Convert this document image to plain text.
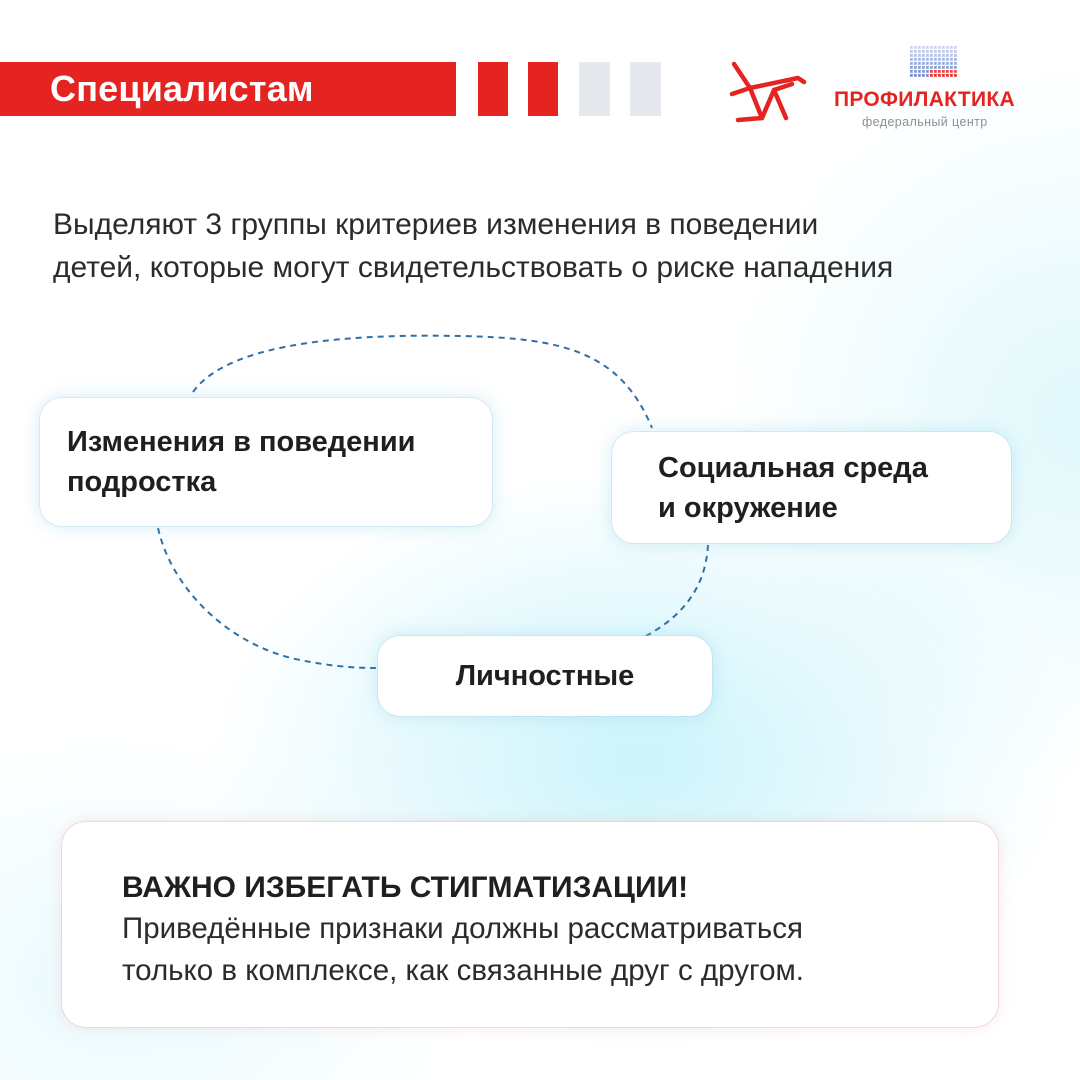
Специалистам	ПРОФИЛАКТИКА
федеральный центр
Выделяют 3 группы критериев изменения в поведении
детей, которые могут свидетельствовать о риске нападения
Изменения в поведении
подростка	Социальная среда
и окружение
Личностные
ВАЖНО ИЗБЕГАТЬ СТИГМАТИЗАЦИИ!
Приведённые признаки должны рассматриваться
только в комплексе, как связанные друг с другом.
